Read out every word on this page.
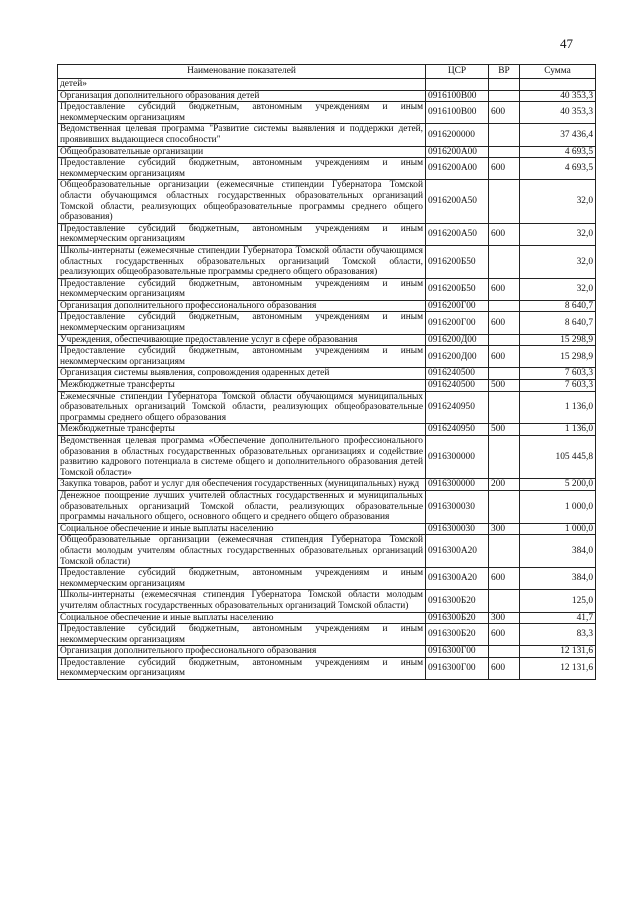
47
Наименование показателей	ЦСР	ВР	Сумма
детей»			
Организация дополнительного образования детей	0916100В00		40 353,3
Предоставление субсидий бюджетным, автономным учреждениям и иным некоммерческим организациям	0916100В00	600	40 353,3
Ведомственная целевая программа "Развитие системы выявления и поддержки детей, проявивших выдающиеся способности"	0916200000		37 436,4
Общеобразовательные организации	0916200А00		4 693,5
Предоставление субсидий бюджетным, автономным учреждениям и иным некоммерческим организациям	0916200А00	600	4 693,5
Общеобразовательные организации (ежемесячные стипендии Губернатора Томской области обучающимся областных государственных образовательных организаций Томской области, реализующих общеобразовательные программы среднего общего образования)	0916200А50		32,0
Предоставление субсидий бюджетным, автономным учреждениям и иным некоммерческим организациям	0916200А50	600	32,0
Школы-интернаты (ежемесячные стипендии Губернатора Томской области обучающимся областных государственных образовательных организаций Томской области, реализующих общеобразовательные программы среднего общего образования)	0916200Б50		32,0
Предоставление субсидий бюджетным, автономным учреждениям и иным некоммерческим организациям	0916200Б50	600	32,0
Организация дополнительного профессионального образования	0916200Г00		8 640,7
Предоставление субсидий бюджетным, автономным учреждениям и иным некоммерческим организациям	0916200Г00	600	8 640,7
Учреждения, обеспечивающие предоставление услуг в сфере образования	0916200Д00		15 298,9
Предоставление субсидий бюджетным, автономным учреждениям и иным некоммерческим организациям	0916200Д00	600	15 298,9
Организация системы выявления, сопровождения одаренных детей	0916240500		7 603,3
Межбюджетные трансферты	0916240500	500	7 603,3
Ежемесячные стипендии Губернатора Томской области обучающимся муниципальных образовательных организаций Томской области, реализующих общеобразовательные программы среднего общего образования	0916240950		1 136,0
Межбюджетные трансферты	0916240950	500	1 136,0
Ведомственная целевая программа «Обеспечение дополнительного профессионального образования в областных государственных образовательных организациях и содействие развитию кадрового потенциала в системе общего и дополнительного образования детей Томской области»	0916300000		105 445,8
Закупка товаров, работ и услуг для обеспечения государственных (муниципальных) нужд	0916300000	200	5 200,0
Денежное поощрение лучших учителей областных государственных и муниципальных образовательных организаций Томской области, реализующих образовательные программы начального общего, основного общего и среднего общего образования	0916300030		1 000,0
Социальное обеспечение и иные выплаты населению	0916300030	300	1 000,0
Общеобразовательные организации (ежемесячная стипендия Губернатора Томской области молодым учителям областных государственных образовательных организаций Томской области)	0916300А20		384,0
Предоставление субсидий бюджетным, автономным учреждениям и иным некоммерческим организациям	0916300А20	600	384,0
Школы-интернаты (ежемесячная стипендия Губернатора Томской области молодым учителям областных государственных образовательных организаций Томской области)	0916300Б20		125,0
Социальное обеспечение и иные выплаты населению	0916300Б20	300	41,7
Предоставление субсидий бюджетным, автономным учреждениям и иным некоммерческим организациям	0916300Б20	600	83,3
Организация дополнительного профессионального образования	0916300Г00		12 131,6
Предоставление субсидий бюджетным, автономным учреждениям и иным некоммерческим организациям	0916300Г00	600	12 131,6
